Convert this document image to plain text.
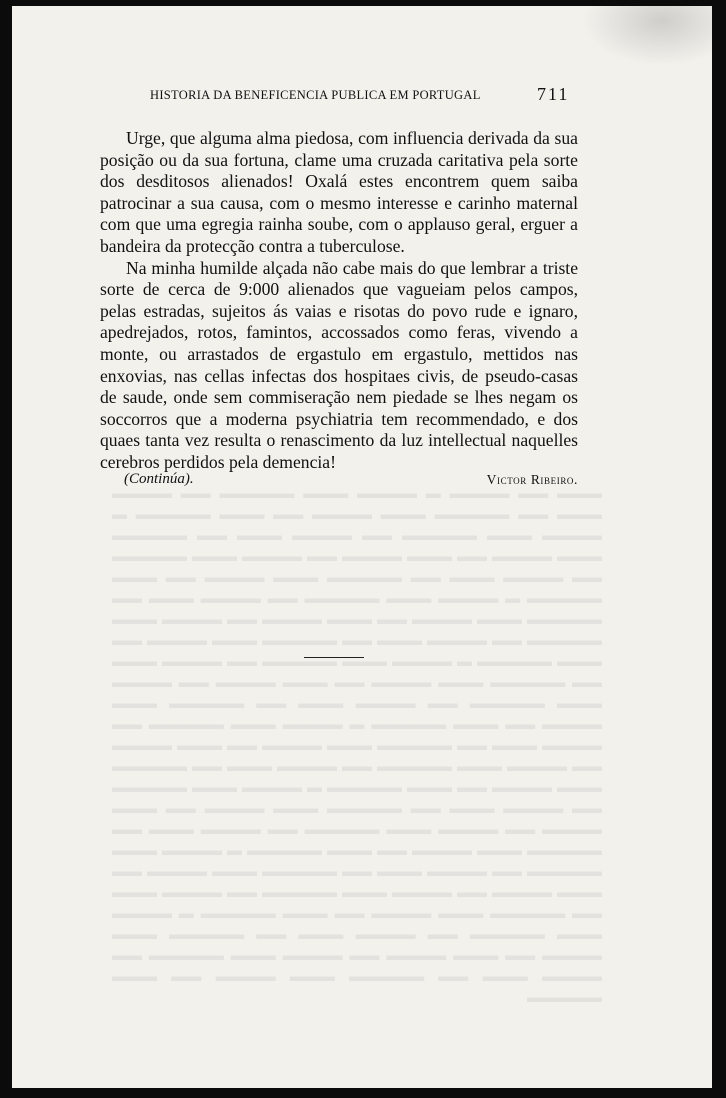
▬▬▬ ▬▬ ▬▬▬▬ ▬ ▬▬▬▬ ▬▬▬ ▬▬▬▬▬ ▬▬ ▬▬▬▬ ▬▬▬ ▬▬ ▬▬▬▬▬ ▬▬▬ ▬▬▬▬ ▬▬ ▬▬▬ ▬▬▬▬▬ ▬ ▬▬▬▬ ▬▬▬ ▬▬▬▬▬ ▬▬ ▬▬▬▬ ▬▬▬ ▬▬ ▬▬▬▬▬ ▬▬▬ ▬▬▬▬ ▬▬ ▬▬▬ ▬▬▬▬ ▬▬ ▬▬▬▬ ▬▬▬ ▬▬▬▬▬ ▬▬ ▬▬▬▬ ▬▬▬ ▬▬ ▬▬▬▬▬ ▬▬▬ ▬▬▬▬ ▬▬ ▬▬▬ ▬▬▬▬▬ ▬ ▬▬▬▬ ▬▬▬ ▬▬▬▬▬ ▬▬ ▬▬▬▬ ▬▬▬ ▬▬ ▬▬▬▬▬ ▬▬▬ ▬▬▬▬ ▬▬ ▬▬▬ ▬▬▬▬ ▬▬ ▬▬▬▬ ▬▬▬ ▬▬▬▬▬ ▬▬ ▬▬▬▬ ▬▬▬ ▬▬ ▬▬▬▬▬ ▬▬▬ ▬▬▬▬ ▬▬ ▬▬▬ ▬▬▬▬▬ ▬ ▬▬▬▬ ▬▬▬ ▬▬▬▬▬ ▬▬ ▬▬▬▬ ▬▬▬ ▬▬ ▬▬▬▬▬ ▬▬▬ ▬▬▬▬ ▬▬ ▬▬▬ ▬▬▬▬ ▬▬ ▬▬▬▬ ▬▬▬ ▬▬▬▬▬ ▬▬ ▬▬▬▬ ▬▬▬ ▬▬ ▬▬▬▬▬ ▬▬▬ ▬▬▬▬ ▬▬ ▬▬▬ ▬▬▬▬▬ ▬ ▬▬▬▬ ▬▬▬ ▬▬▬▬▬ ▬▬ ▬▬▬▬ ▬▬▬ ▬▬ ▬▬▬▬▬ ▬▬▬ ▬▬▬▬ ▬▬ ▬▬▬ ▬▬▬▬ ▬▬ ▬▬▬▬ ▬▬▬ ▬▬▬▬▬ ▬▬ ▬▬▬▬ ▬▬▬ ▬▬ ▬▬▬▬▬ ▬▬▬ ▬▬▬▬ ▬▬ ▬▬▬ ▬▬▬▬▬ ▬ ▬▬▬▬ ▬▬▬ ▬▬▬▬▬ ▬▬ ▬▬▬▬ ▬▬▬ ▬▬ ▬▬▬▬▬ ▬▬▬ ▬▬▬▬ ▬▬ ▬▬▬ ▬▬▬▬ ▬▬ ▬▬▬▬ ▬▬▬ ▬▬▬▬▬ ▬▬ ▬▬▬▬ ▬▬▬ ▬▬ ▬▬▬▬▬ ▬▬▬ ▬▬▬▬ ▬▬ ▬▬▬ ▬▬▬▬▬ ▬ ▬▬▬▬ ▬▬▬ ▬▬▬▬▬ ▬▬ ▬▬▬▬ ▬▬▬ ▬▬ ▬▬▬▬▬ ▬▬▬ ▬▬▬▬ ▬▬ ▬▬▬ ▬▬▬▬ ▬▬ ▬▬▬▬ ▬▬▬ ▬▬▬▬▬ ▬▬ ▬▬▬▬ ▬▬▬ ▬▬ ▬▬▬▬▬ ▬▬▬ ▬▬▬▬ ▬▬ ▬▬▬ ▬▬▬▬▬ ▬ ▬▬▬▬ ▬▬▬ ▬▬▬▬▬ ▬▬ ▬▬▬▬ ▬▬▬ ▬▬ ▬▬▬▬▬ ▬▬▬ ▬▬▬▬ ▬▬ ▬▬▬ ▬▬▬▬ ▬▬ ▬▬▬▬ ▬▬▬ ▬▬▬▬▬ ▬▬ ▬▬▬▬ ▬▬▬ ▬▬ ▬▬▬▬▬ ▬▬▬ ▬▬▬▬ ▬▬ ▬▬▬ ▬▬▬▬▬
HISTORIA DA BENEFICENCIA PUBLICA EM PORTUGAL	711

Urge, que alguma alma piedosa, com influencia derivada da sua posição ou da sua fortuna, clame uma cruzada caritativa pela sorte dos desditosos alienados! Oxalá estes encontrem quem saiba patrocinar a sua causa, com o mesmo interesse e carinho maternal com que uma egregia rainha soube, com o applauso geral, erguer a bandeira da protecção contra a tuberculose.

Na minha humilde alçada não cabe mais do que lembrar a triste sorte de cerca de 9:000 alienados que vagueiam pelos campos, pelas estradas, sujeitos ás vaias e risotas do povo rude e ignaro, apedrejados, rotos, famintos, accossados como feras, vivendo a monte, ou arrastados de ergastulo em ergastulo, mettidos nas enxovias, nas cellas infectas dos hospitaes civis, de pseudo-casas de saude, onde sem commiseração nem piedade se lhes negam os soccorros que a moderna psychiatria tem recommendado, e dos quaes tanta vez resulta o renascimento da luz intellectual naquelles cerebros perdidos pela demencia!

(Continúa).	Victor Ribeiro.
